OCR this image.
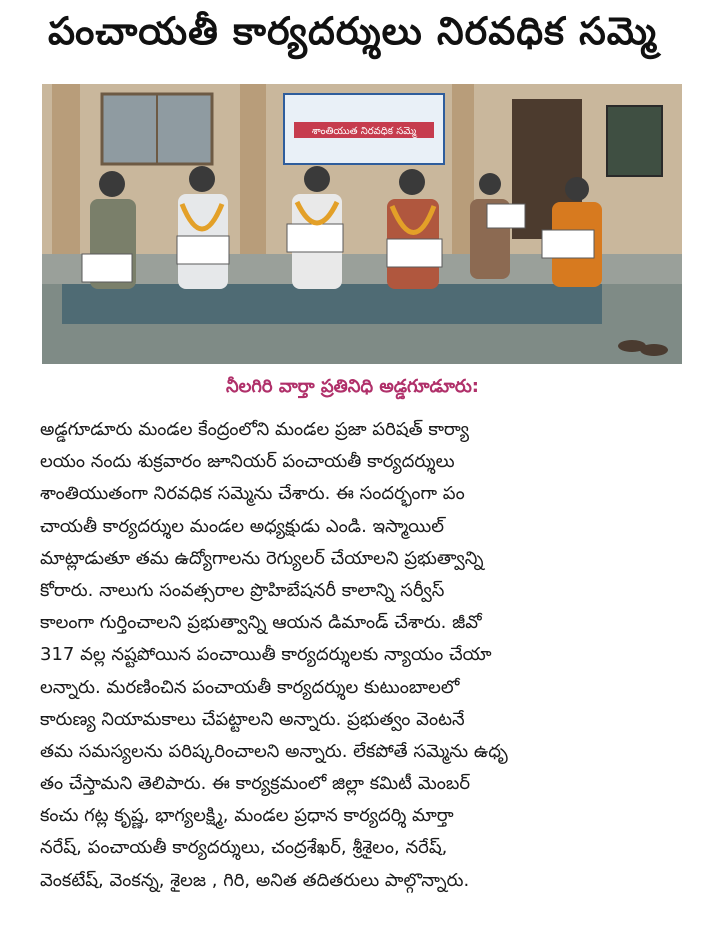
పంచాయతీ కార్యదర్శులు నిరవధిక సమ్మె
శాంతియుత నిరవధిక సమ్మె
నీలగిరి వార్తా ప్రతినిధి అడ్డగూడూరు:
అడ్డగూడూరు మండల కేంద్రంలోని మండల ప్రజా పరిషత్ కార్యా
లయం నందు శుక్రవారం జూనియర్ పంచాయతీ కార్యదర్శులు
శాంతియుతంగా నిరవధిక సమ్మెను చేశారు. ఈ సందర్భంగా పం
చాయతీ కార్యదర్శుల మండల అధ్యక్షుడు ఎండి. ఇస్మాయిల్
మాట్లాడుతూ తమ ఉద్యోగాలను రెగ్యులర్ చేయాలని ప్రభుత్వాన్ని
కోరారు. నాలుగు సంవత్సరాల ప్రొహిబేషనరీ కాలాన్ని సర్వీస్
కాలంగా గుర్తించాలని ప్రభుత్వాన్ని ఆయన డిమాండ్ చేశారు. జీవో
317 వల్ల నష్టపోయిన పంచాయితీ కార్యదర్శులకు న్యాయం చేయా
లన్నారు. మరణించిన పంచాయతీ కార్యదర్శుల కుటుంబాలలో
కారుణ్య నియామకాలు చేపట్టాలని అన్నారు. ప్రభుత్వం వెంటనే
తమ సమస్యలను పరిష్కరించాలని అన్నారు. లేకపోతే సమ్మెను ఉధృ
తం చేస్తామని తెలిపారు. ఈ కార్యక్రమంలో జిల్లా కమిటీ మెంబర్
కంచు గట్ల కృష్ణ, భాగ్యలక్ష్మి, మండల ప్రధాన కార్యదర్శి మార్తా
నరేష్, పంచాయతీ కార్యదర్శులు, చంద్రశేఖర్, శ్రీశైలం, నరేష్,
వెంకటేష్, వెంకన్న, శైలజ , గిరి, అనిత తదితరులు పాల్గొన్నారు.
